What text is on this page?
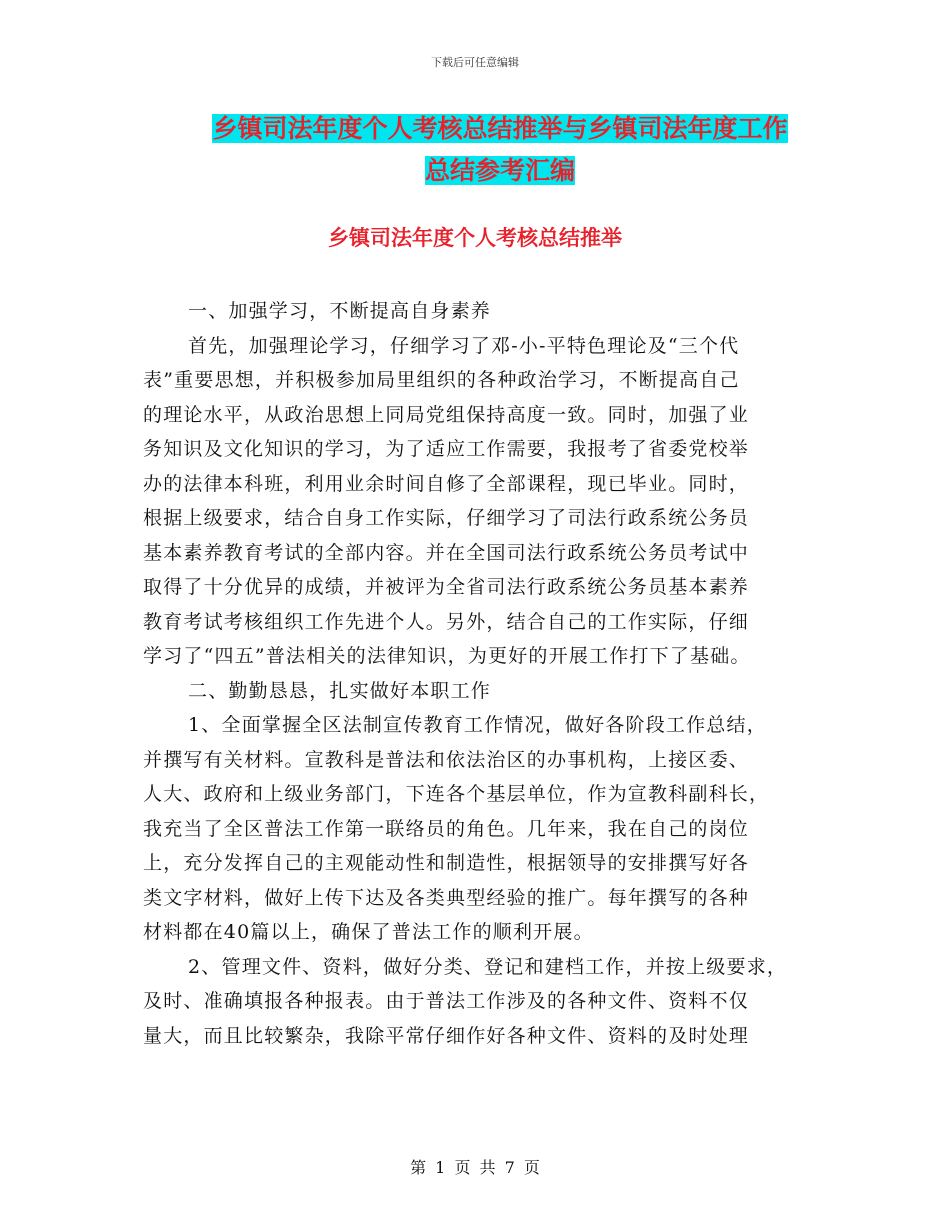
下载后可任意编辑
乡镇司法年度个人考核总结推举与乡镇司法年度工作
总结参考汇编
乡镇司法年度个人考核总结推举
一、加强学习，不断提高自身素养
首先，加强理论学习，仔细学习了邓-小-平特色理论及“三个代
表”重要思想，并积极参加局里组织的各种政治学习，不断提高自己
的理论水平，从政治思想上同局党组保持高度一致。同时，加强了业
务知识及文化知识的学习，为了适应工作需要，我报考了省委党校举
办的法律本科班，利用业余时间自修了全部课程，现已毕业。同时，
根据上级要求，结合自身工作实际，仔细学习了司法行政系统公务员
基本素养教育考试的全部内容。并在全国司法行政系统公务员考试中
取得了十分优异的成绩，并被评为全省司法行政系统公务员基本素养
教育考试考核组织工作先进个人。另外，结合自己的工作实际，仔细
学习了“四五”普法相关的法律知识，为更好的开展工作打下了基础。
二、勤勤恳恳，扎实做好本职工作
1、全面掌握全区法制宣传教育工作情况，做好各阶段工作总结，
并撰写有关材料。宣教科是普法和依法治区的办事机构，上接区委、
人大、政府和上级业务部门，下连各个基层单位，作为宣教科副科长，
我充当了全区普法工作第一联络员的角色。几年来，我在自己的岗位
上，充分发挥自己的主观能动性和制造性，根据领导的安排撰写好各
类文字材料，做好上传下达及各类典型经验的推广。每年撰写的各种
材料都在40篇以上，确保了普法工作的顺利开展。
2、管理文件、资料，做好分类、登记和建档工作，并按上级要求，
及时、准确填报各种报表。由于普法工作涉及的各种文件、资料不仅
量大，而且比较繁杂，我除平常仔细作好各种文件、资料的及时处理
第 1 页 共 7 页
